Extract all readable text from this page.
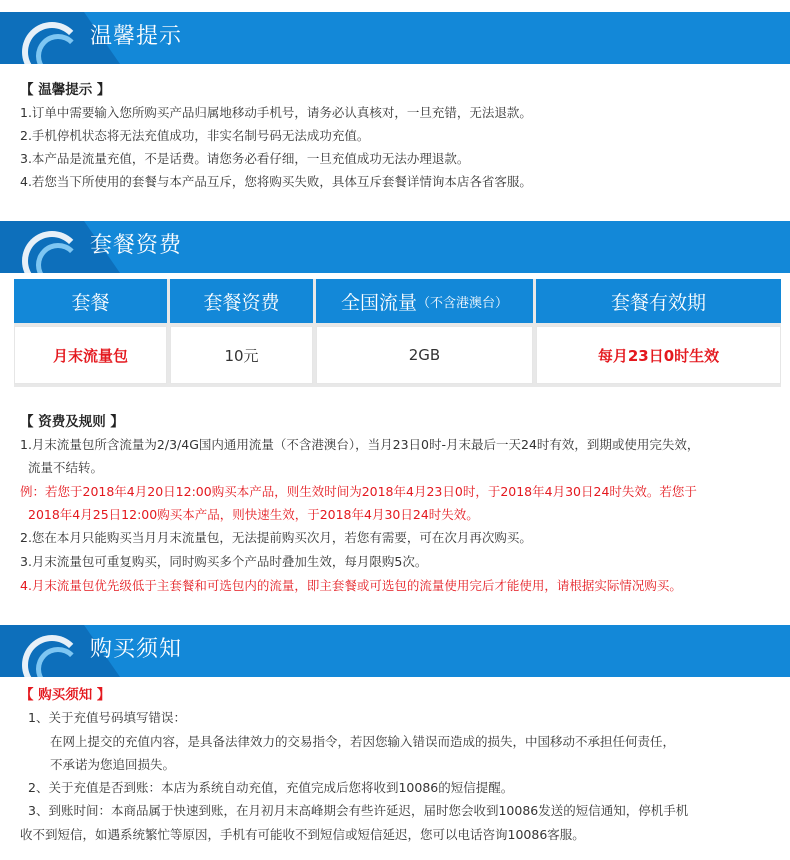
温馨提示
【 温馨提示 】
1.订单中需要输入您所购买产品归属地移动手机号，请务必认真核对，一旦充错，无法退款。
2.手机停机状态将无法充值成功，非实名制号码无法成功充值。
3.本产品是流量充值，不是话费。请您务必看仔细，一旦充值成功无法办理退款。
4.若您当下所使用的套餐与本产品互斥，您将购买失败，具体互斥套餐详情询本店各省客服。
套餐资费
套餐	套餐资费	全国流量 （不含港澳台）	套餐有效期
月末流量包	10元	2GB	每月23日0时生效
【 资费及规则 】
1.月末流量包所含流量为2/3/4G国内通用流量（不含港澳台），当月23日0时-月末最后一天24时有效，到期或使用完失效，
流量不结转。
例：若您于2018年4月20日12:00购买本产品，则生效时间为2018年4月23日0时，于2018年4月30日24时失效。若您于
2018年4月25日12:00购买本产品，则快速生效，于2018年4月30日24时失效。
2.您在本月只能购买当月月末流量包，无法提前购买次月，若您有需要，可在次月再次购买。
3.月末流量包可重复购买，同时购买多个产品时叠加生效，每月限购5次。
4.月末流量包优先级低于主套餐和可选包内的流量，即主套餐或可选包的流量使用完后才能使用，请根据实际情况购买。
购买须知
【 购买须知 】
1、关于充值号码填写错误：
在网上提交的充值内容，是具备法律效力的交易指令，若因您输入错误而造成的损失，中国移动不承担任何责任，
不承诺为您追回损失。
2、关于充值是否到账：本店为系统自动充值，充值完成后您将收到10086的短信提醒。
3、到账时间：本商品属于快速到账，在月初月末高峰期会有些许延迟，届时您会收到10086发送的短信通知，停机手机
收不到短信，如遇系统繁忙等原因，手机有可能收不到短信或短信延迟，您可以电话咨询10086客服。
